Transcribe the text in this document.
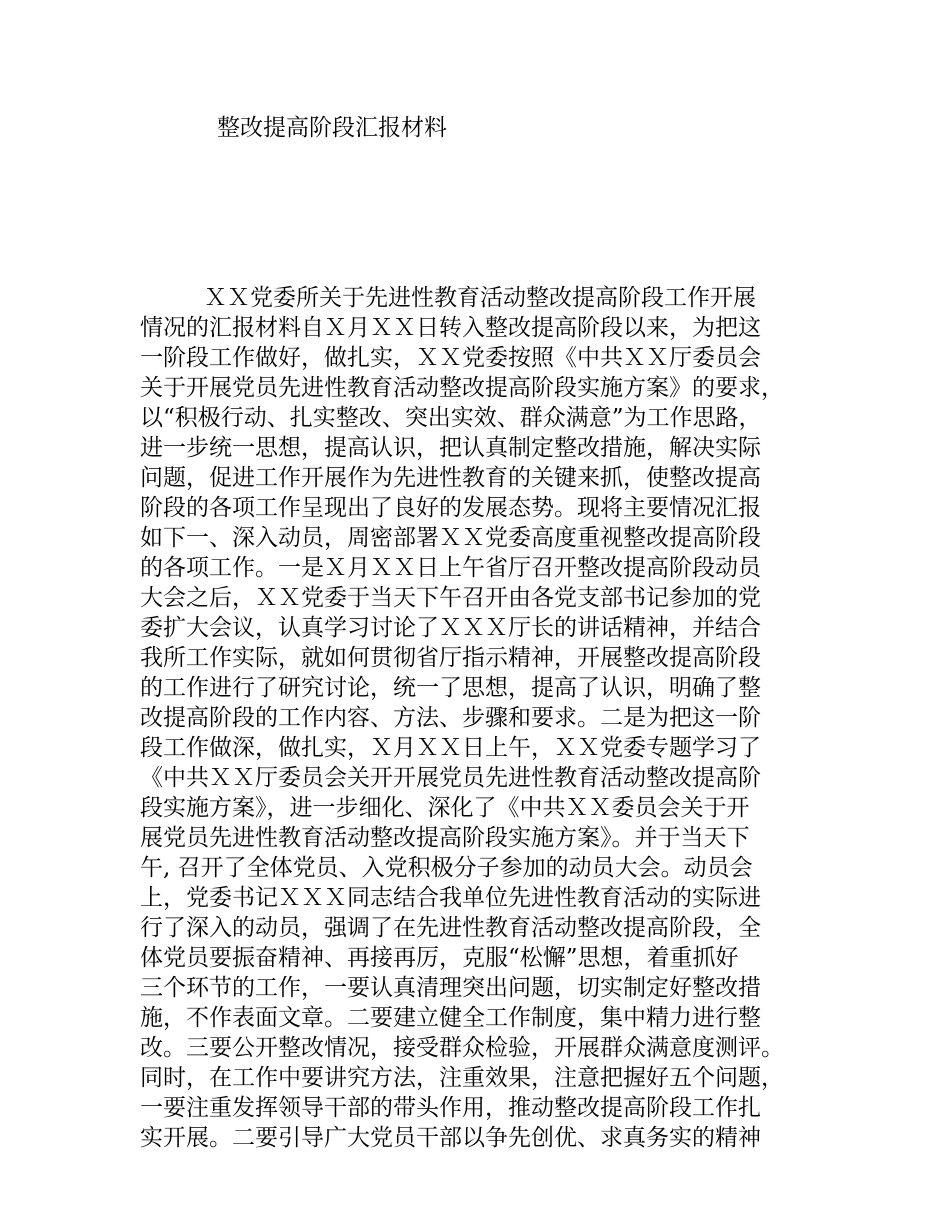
整改提高阶段汇报材料
ＸＸ党委所关于先进性教育活动整改提高阶段工作开展
情况的汇报材料自Ｘ月ＸＸ日转入整改提高阶段以来，为把这
一阶段工作做好，做扎实，ＸＸ党委按照《中共ＸＸ厅委员会
关于开展党员先进性教育活动整改提高阶段实施方案》的要求，
以“积极行动、扎实整改、突出实效、群众满意”为工作思路，
进一步统一思想，提高认识，把认真制定整改措施，解决实际
问题，促进工作开展作为先进性教育的关键来抓，使整改提高
阶段的各项工作呈现出了良好的发展态势。现将主要情况汇报
如下一、深入动员，周密部署ＸＸ党委高度重视整改提高阶段
的各项工作。一是Ｘ月ＸＸ日上午省厅召开整改提高阶段动员
大会之后，ＸＸ党委于当天下午召开由各党支部书记参加的党
委扩大会议，认真学习讨论了ＸＸＸ厅长的讲话精神，并结合
我所工作实际，就如何贯彻省厅指示精神，开展整改提高阶段
的工作进行了研究讨论，统一了思想，提高了认识，明确了整
改提高阶段的工作内容、方法、步骤和要求。二是为把这一阶
段工作做深，做扎实，Ｘ月ＸＸ日上午，ＸＸ党委专题学习了
《中共ＸＸ厅委员会关开开展党员先进性教育活动整改提高阶
段实施方案》，进一步细化、深化了《中共ＸＸ委员会关于开
展党员先进性教育活动整改提高阶段实施方案》。并于当天下
午, 召开了全体党员、入党积极分子参加的动员大会。动员会
上，党委书记ＸＸＸ同志结合我单位先进性教育活动的实际进
行了深入的动员，强调了在先进性教育活动整改提高阶段，全
体党员要振奋精神、再接再厉，克服“松懈”思想，着重抓好
三个环节的工作，一要认真清理突出问题，切实制定好整改措
施，不作表面文章。二要建立健全工作制度，集中精力进行整
改。三要公开整改情况，接受群众检验，开展群众满意度测评。
同时，在工作中要讲究方法，注重效果，注意把握好五个问题，
一要注重发挥领导干部的带头作用，推动整改提高阶段工作扎
实开展。二要引导广大党员干部以争先创优、求真务实的精神
